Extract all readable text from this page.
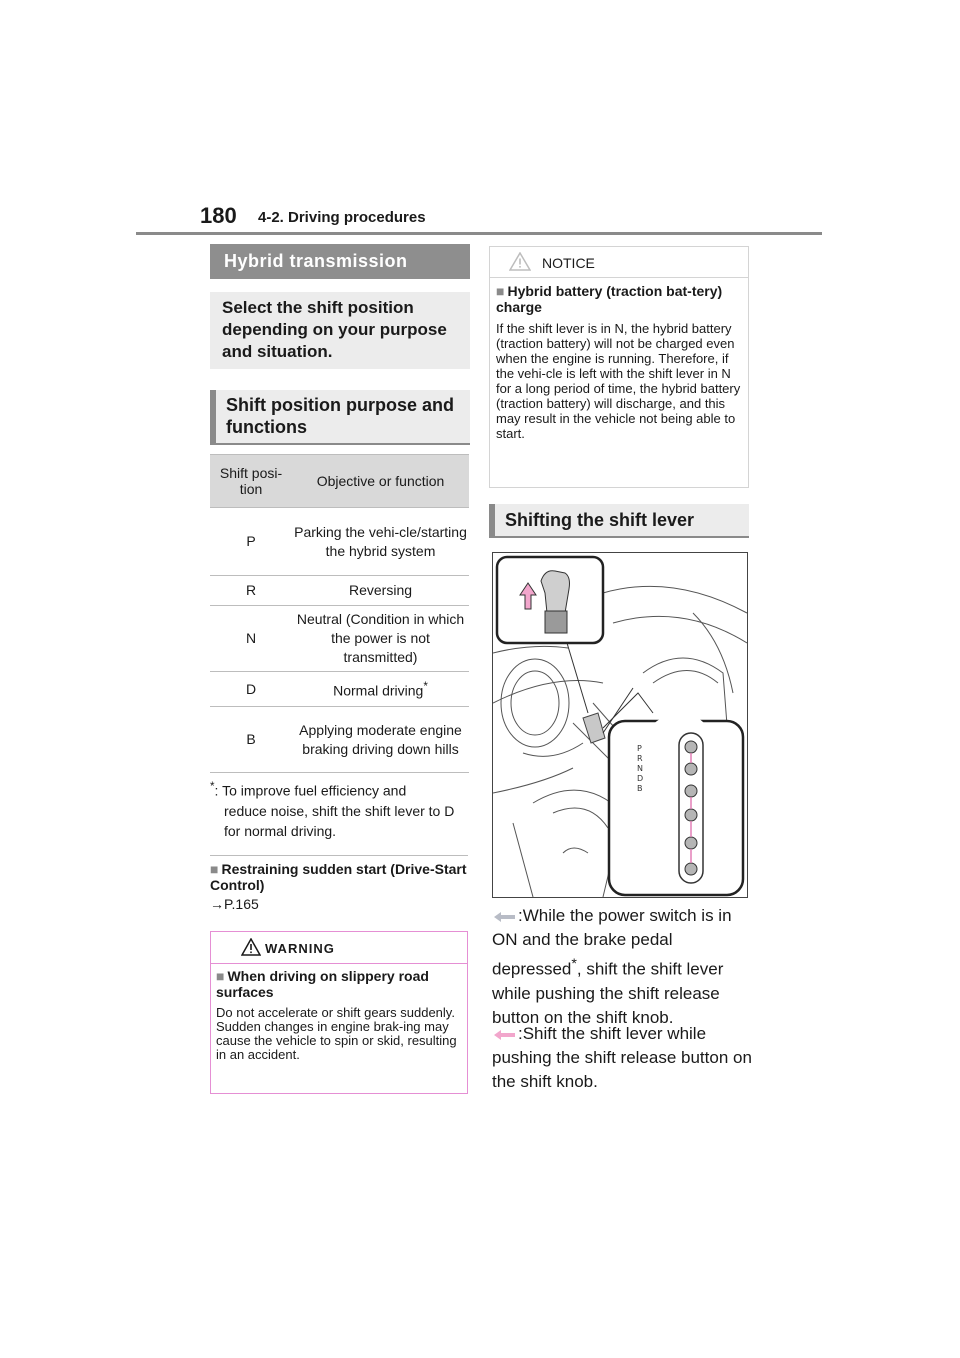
180 4-2. Driving procedures
Hybrid transmission
Select the shift position depending on your purpose and situation.
Shift position purpose and functions
Shift posi-tion	Objective or function
P	Parking the vehi-cle/starting the hybrid system
R	Reversing
N	Neutral (Condition in which the power is not transmitted)
D	Normal driving*
B	Applying moderate engine braking driving down hills
*: To improve fuel efficiency and
reduce noise, shift the shift lever to D for normal driving.
■ Restraining sudden start (Drive-Start Control)
→P.165
WARNING
■ When driving on slippery road surfaces
Do not accelerate or shift gears suddenly. Sudden changes in engine brak-ing may cause the vehicle to spin or skid, resulting in an accident.
NOTICE
■ Hybrid battery (traction bat-tery) charge
If the shift lever is in N, the hybrid battery (traction battery) will not be charged even when the engine is running. Therefore, if the vehi-cle is left with the shift lever in N for a long period of time, the hybrid battery (traction battery) will discharge, and this may result in the vehicle not being able to start.
Shifting the shift lever
P
R
N
D
B
:While the power switch is in ON and the brake pedal depressed*, shift the shift lever while pushing the shift release button on the shift knob.
:Shift the shift lever while pushing the shift release button on the shift knob.
